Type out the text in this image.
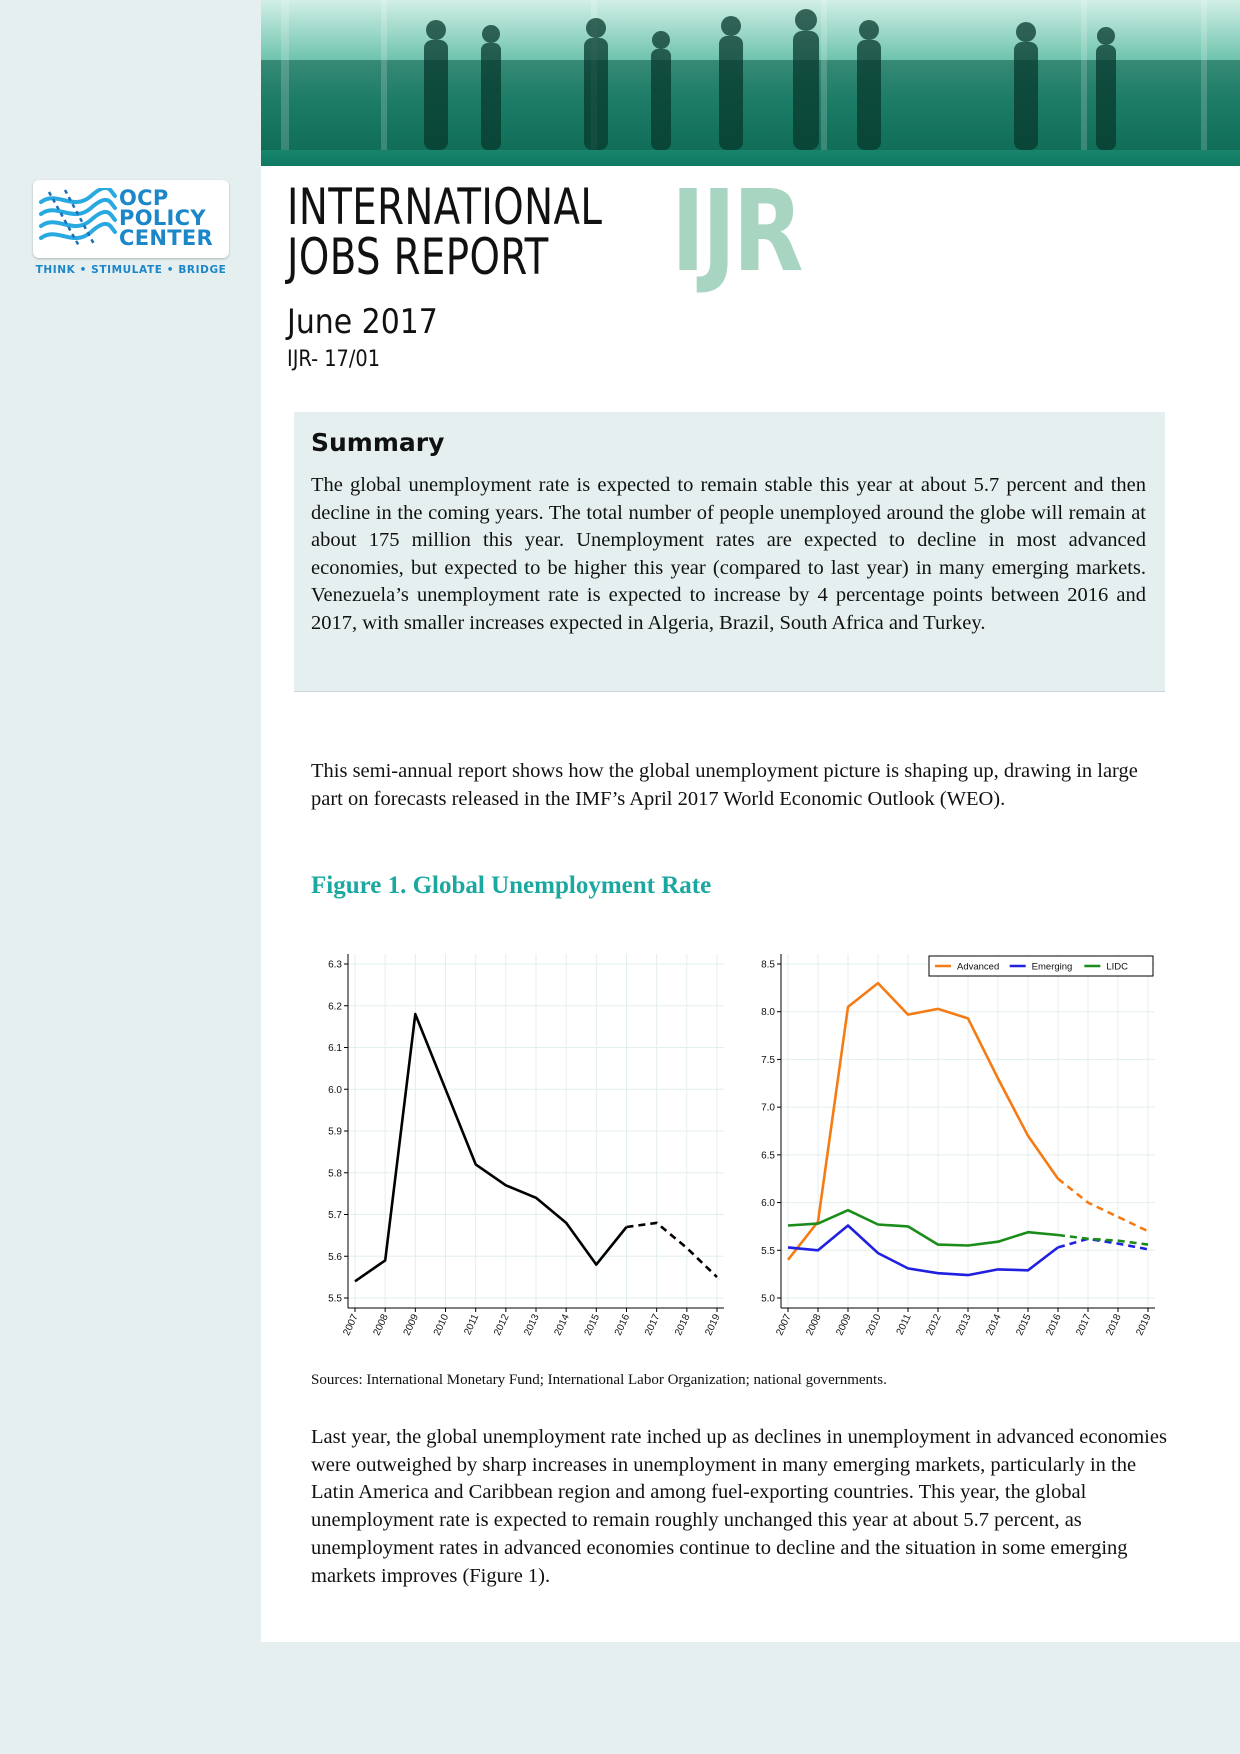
OCP
POLICY
CENTER
THINK • STIMULATE • BRIDGE
INTERNATIONAL
JOBS REPORT	IJR
June 2017
IJR- 17/01
Summary
The global unemployment rate is expected to remain stable this year at about 5.7 percent and then decline in the coming years. The total number of people unemployed around the globe will remain at about 175 million this year. Unemployment rates are expected to decline in most advanced economies, but expected to be higher this year (compared to last year) in many emerging markets. Venezuela’s unemployment rate is expected to increase by 4 percentage points between 2016 and 2017, with smaller increases expected in Algeria, Brazil, South Africa and Turkey.
This semi-annual report shows how the global unemployment picture is shaping up, drawing in large part on forecasts released in the IMF’s April 2017 World Economic Outlook (WEO).
Figure 1. Global Unemployment Rate
5.5
5.6
5.7
5.8
5.9
6.0
6.1
6.2
6.3
2007 2008 2009 2010 2011 2012 2013 2014 2015 2016 2017 2018 2019
5.0
5.5
6.0
6.5
7.0
7.5
8.0
8.5
2007 2008 2009 2010 2011 2012 2013 2014 2015 2016 2017 2018 2019
Advanced	Emerging	LIDC
Sources: International Monetary Fund; International Labor Organization; national governments.
Last year, the global unemployment rate inched up as declines in unemployment in advanced economies were outweighed by sharp increases in unemployment in many emerging markets, particularly in the Latin America and Caribbean region and among fuel-exporting countries. This year, the global unemployment rate is expected to remain roughly unchanged this year at about 5.7 percent, as unemployment rates in advanced economies continue to decline and the situation in some emerging markets improves (Figure 1).
